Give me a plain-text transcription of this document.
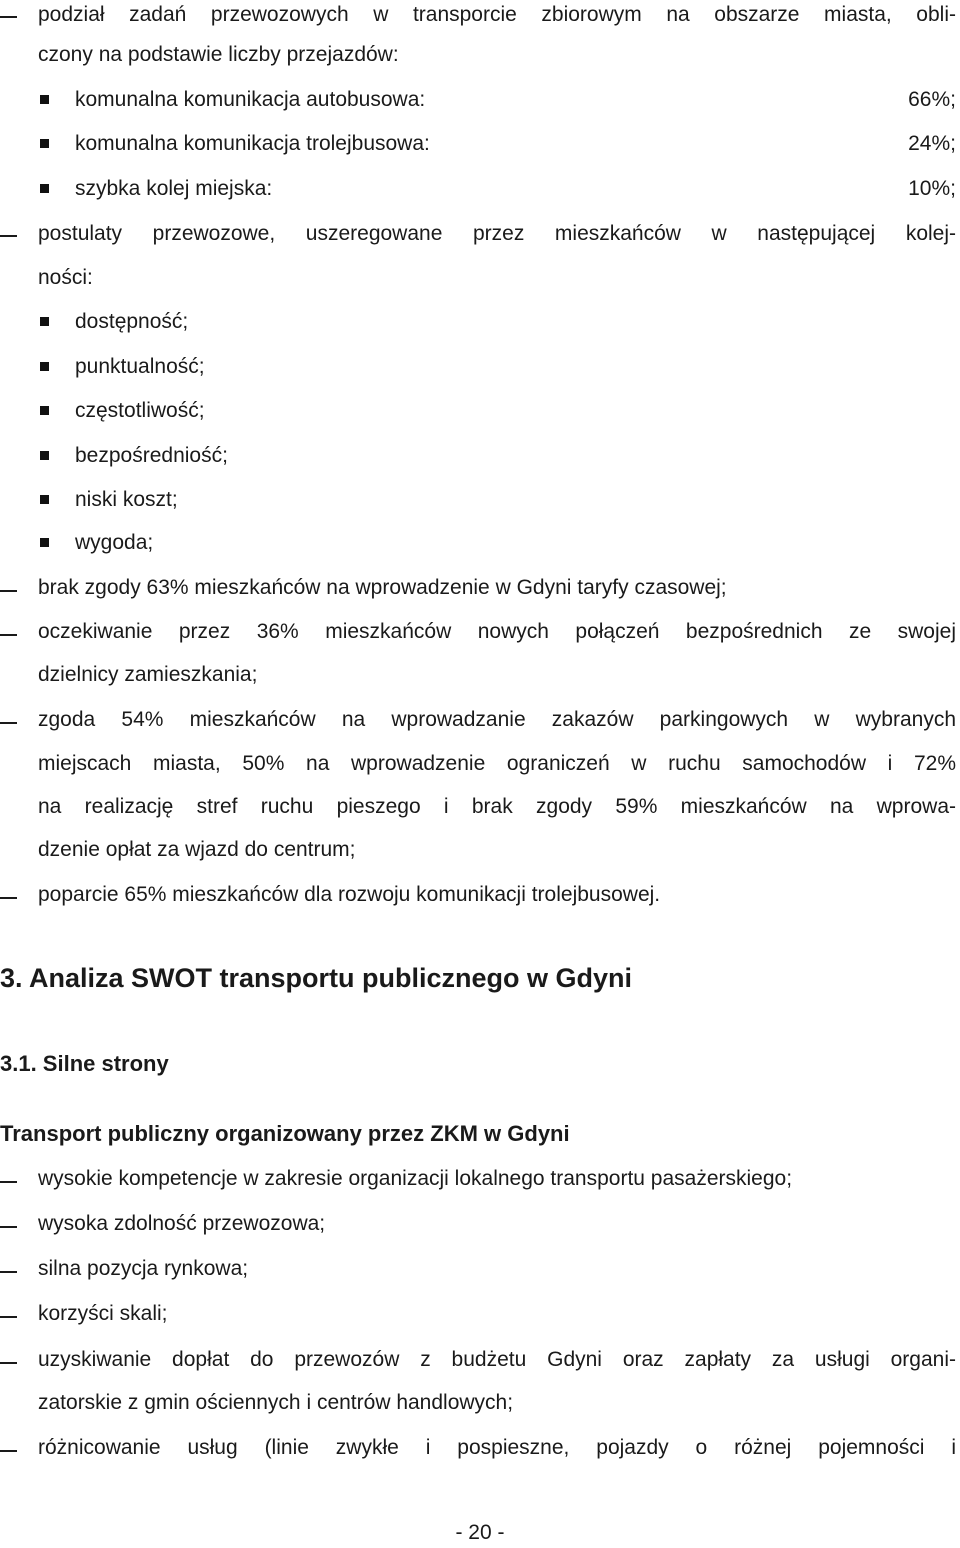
podział zadań przewozowych w transporcie zbiorowym na obszarze miasta, obli-
czony na podstawie liczby przejazdów:
komunalna komunikacja autobusowa:	66%;
komunalna komunikacja trolejbusowa:	24%;
szybka kolej miejska:	10%;
postulaty przewozowe, uszeregowane przez mieszkańców w następującej kolej-
ności:
dostępność;
punktualność;
częstotliwość;
bezpośredniość;
niski koszt;
wygoda;
brak zgody 63% mieszkańców na wprowadzenie w Gdyni taryfy czasowej;
oczekiwanie przez 36% mieszkańców nowych połączeń bezpośrednich ze swojej
dzielnicy zamieszkania;
zgoda 54% mieszkańców na wprowadzanie zakazów parkingowych w wybranych
miejscach miasta, 50% na wprowadzenie ograniczeń w ruchu samochodów i 72%
na realizację stref ruchu pieszego i brak zgody 59% mieszkańców na wprowa-
dzenie opłat za wjazd do centrum;
poparcie 65% mieszkańców dla rozwoju komunikacji trolejbusowej.
3. Analiza SWOT transportu publicznego w Gdyni
3.1. Silne strony
Transport publiczny organizowany przez ZKM w Gdyni
wysokie kompetencje w zakresie organizacji lokalnego transportu pasażerskiego;
wysoka zdolność przewozowa;
silna pozycja rynkowa;
korzyści skali;
uzyskiwanie dopłat do przewozów z budżetu Gdyni oraz zapłaty za usługi organi-
zatorskie z gmin ościennych i centrów handlowych;
różnicowanie usług (linie zwykłe i pospieszne, pojazdy o różnej pojemności i
- 20 -
